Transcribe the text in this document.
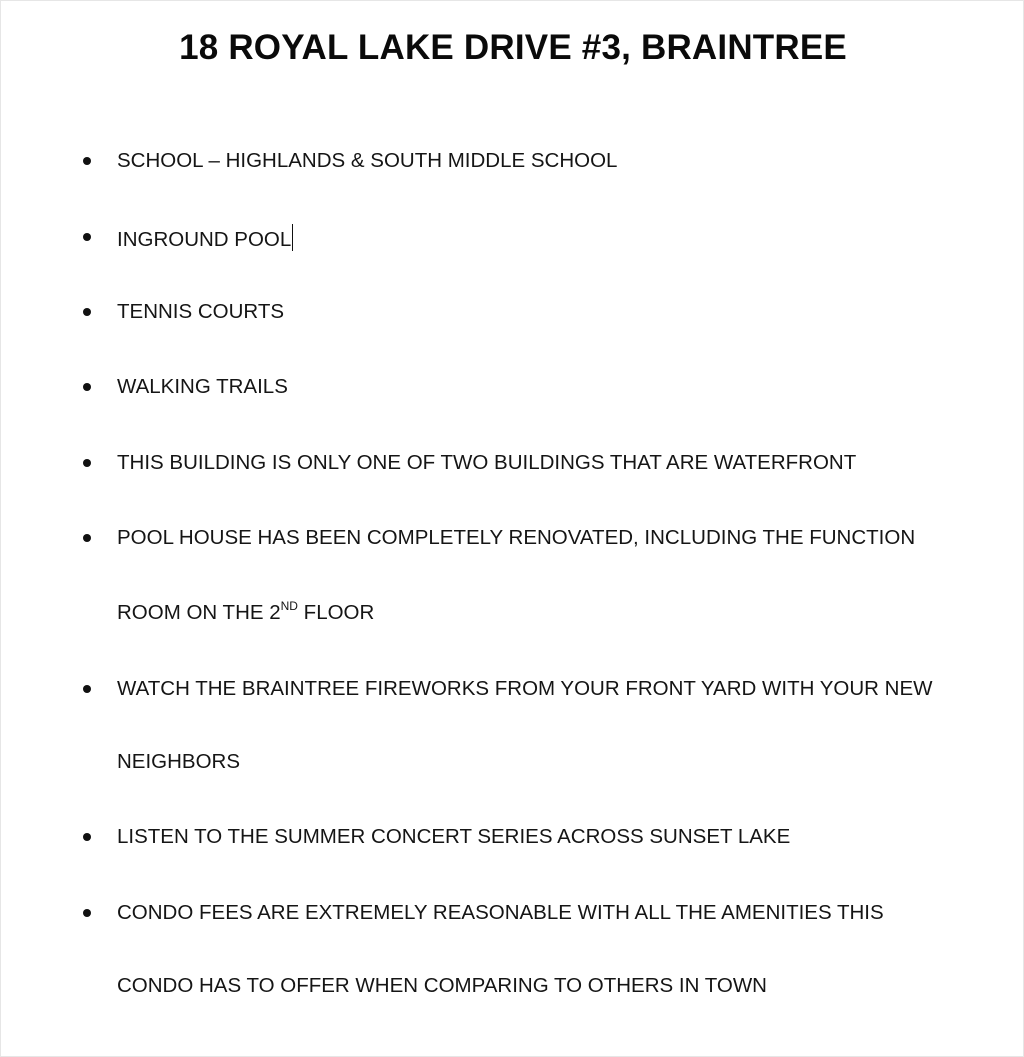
18 ROYAL LAKE DRIVE #3, BRAINTREE
SCHOOL – HIGHLANDS & SOUTH MIDDLE SCHOOL
INGROUND POOL
TENNIS COURTS
WALKING TRAILS
THIS BUILDING IS ONLY ONE OF TWO BUILDINGS THAT ARE WATERFRONT
POOL HOUSE HAS BEEN COMPLETELY RENOVATED, INCLUDING THE FUNCTION
ROOM ON THE 2ND FLOOR
WATCH THE BRAINTREE FIREWORKS FROM YOUR FRONT YARD WITH YOUR NEW
NEIGHBORS
LISTEN TO THE SUMMER CONCERT SERIES ACROSS SUNSET LAKE
CONDO FEES ARE EXTREMELY REASONABLE WITH ALL THE AMENITIES THIS
CONDO HAS TO OFFER WHEN COMPARING TO OTHERS IN TOWN
